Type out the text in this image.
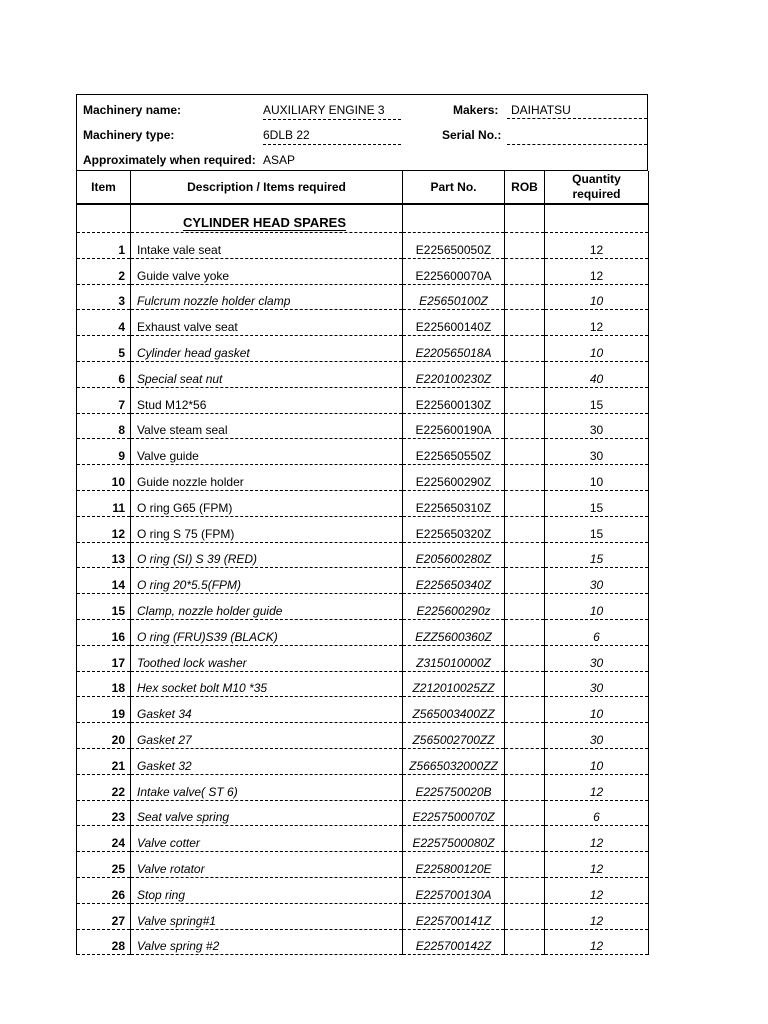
Machinery name:	AUXILIARY ENGINE 3	Makers:	DAIHATSU
Machinery type:	6DLB 22	Serial No.:
Approximately when required: ASAP
Item	Description / Items required	Part No.	ROB	Quantity required
	CYLINDER HEAD SPARES			
1	Intake vale seat	E225650050Z		12
2	Guide valve yoke	E225600070A		12
3	Fulcrum nozzle holder clamp	E25650100Z		10
4	Exhaust valve seat	E225600140Z		12
5	Cylinder head gasket	E220565018A		10
6	Special seat nut	E220100230Z		40
7	Stud M12*56	E225600130Z		15
8	Valve steam seal	E225600190A		30
9	Valve guide	E225650550Z		30
10	Guide nozzle holder	E225600290Z		10
11	O ring G65 (FPM)	E225650310Z		15
12	O ring S 75 (FPM)	E225650320Z		15
13	O ring (SI) S 39 (RED)	E205600280Z		15
14	O ring 20*5.5(FPM)	E225650340Z		30
15	Clamp, nozzle holder guide	E225600290z		10
16	O ring (FRU)S39 (BLACK)	EZZ5600360Z		6
17	Toothed lock washer	Z315010000Z		30
18	Hex socket bolt M10 *35	Z212010025ZZ		30
19	Gasket 34	Z565003400ZZ		10
20	Gasket 27	Z565002700ZZ		30
21	Gasket 32	Z5665032000ZZ		10
22	Intake valve( ST 6)	E225750020B		12
23	Seat valve spring	E2257500070Z		6
24	Valve cotter	E2257500080Z		12
25	Valve rotator	E225800120E		12
26	Stop ring	E225700130A		12
27	Valve spring#1	E225700141Z		12
28	Valve spring #2	E225700142Z		12
